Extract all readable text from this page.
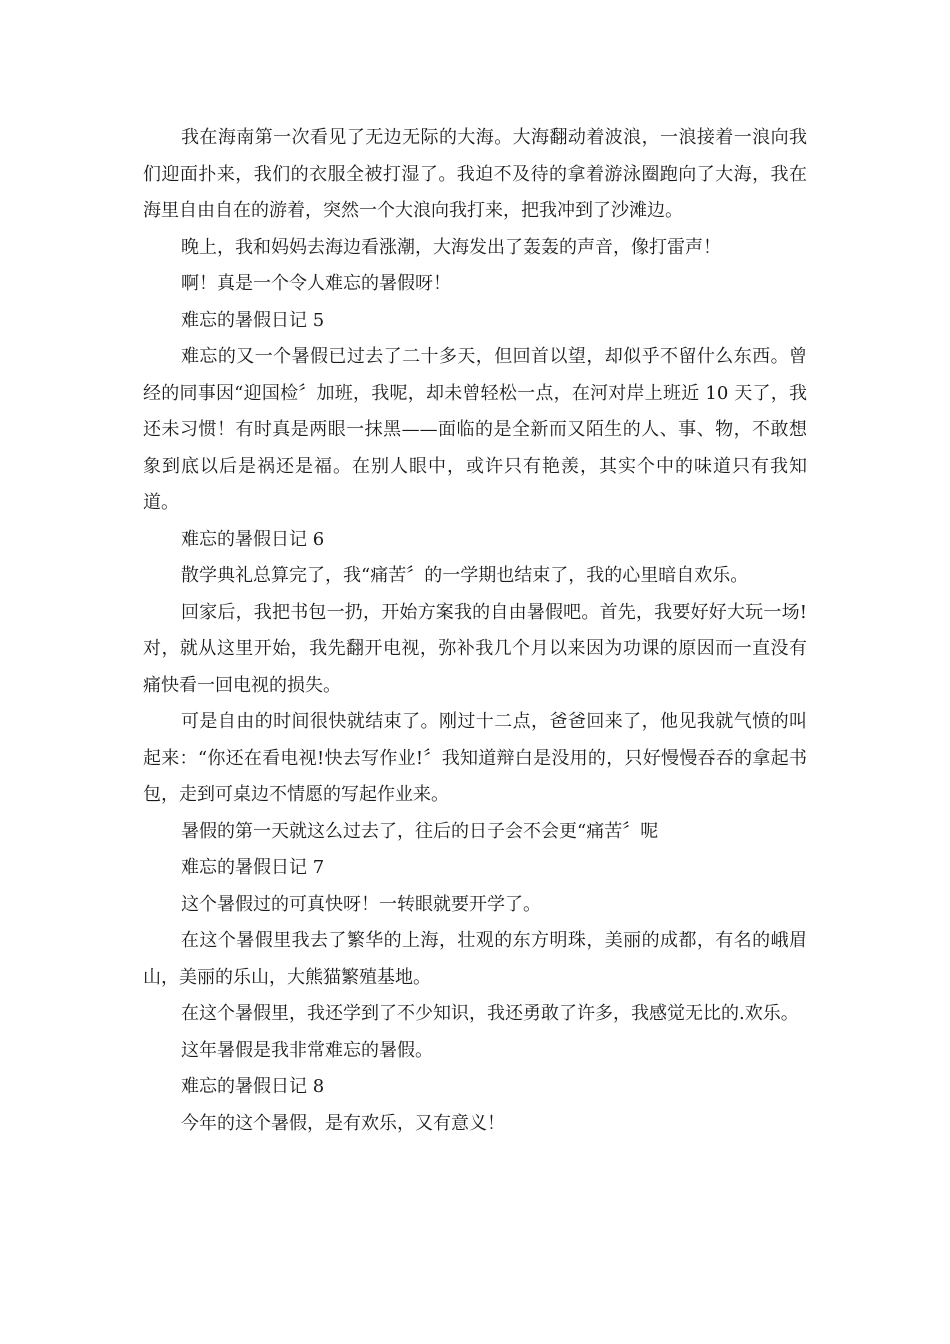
我在海南第一次看见了无边无际的大海。大海翻动着波浪，一浪接着一浪向我们迎面扑来，我们的衣服全被打湿了。我迫不及待的拿着游泳圈跑向了大海，我在海里自由自在的游着，突然一个大浪向我打来，把我冲到了沙滩边。

晚上，我和妈妈去海边看涨潮，大海发出了轰轰的声音，像打雷声！

啊！真是一个令人难忘的暑假呀！

难忘的暑假日记 5

难忘的又一个暑假已过去了二十多天，但回首以望，却似乎不留什么东西。曾经的同事因“迎国检〞加班，我呢，却未曾轻松一点，在河对岸上班近 10 天了，我还未习惯！有时真是两眼一抹黑——面临的是全新而又陌生的人、事、物，不敢想象到底以后是祸还是福。在别人眼中，或许只有艳羡，其实个中的味道只有我知道。

难忘的暑假日记 6

散学典礼总算完了，我“痛苦〞的一学期也结束了，我的心里暗自欢乐。

回家后，我把书包一扔，开始方案我的自由暑假吧。首先，我要好好大玩一场!对，就从这里开始，我先翻开电视，弥补我几个月以来因为功课的原因而一直没有痛快看一回电视的损失。

可是自由的时间很快就结束了。刚过十二点，爸爸回来了，他见我就气愤的叫起来：“你还在看电视!快去写作业!〞我知道辩白是没用的，只好慢慢吞吞的拿起书包，走到可桌边不情愿的写起作业来。

暑假的第一天就这么过去了，往后的日子会不会更“痛苦〞呢

难忘的暑假日记 7

这个暑假过的可真快呀！一转眼就要开学了。

在这个暑假里我去了繁华的上海，壮观的东方明珠，美丽的成都，有名的峨眉山，美丽的乐山，大熊猫繁殖基地。

在这个暑假里，我还学到了不少知识，我还勇敢了许多，我感觉无比的.欢乐。

这年暑假是我非常难忘的暑假。

难忘的暑假日记 8

今年的这个暑假，是有欢乐，又有意义！
